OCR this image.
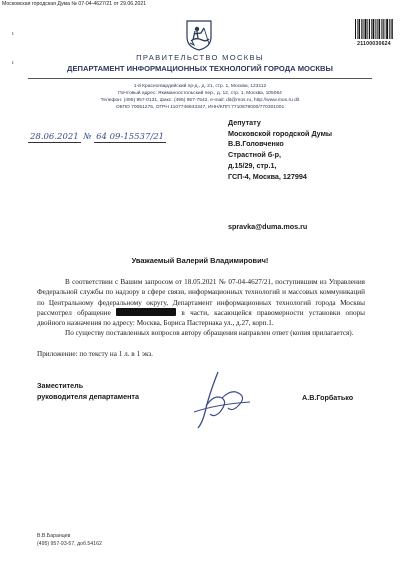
Московская городская Дума № 07-04-4627/21 от 29.06.2021
ı
ı
21100030624
ПРАВИТЕЛЬСТВО МОСКВЫ
ДЕПАРТАМЕНТ ИНФОРМАЦИОННЫХ ТЕХНОЛОГИЙ ГОРОДА МОСКВЫ
1-й Красногвардейский пр-д., д. 21, стр. 1, Москва, 123112
Почтовый адрес: Якиманоостольский пер., д. 12, стр. 1, Москва, 105064
Телефон: (495) 957-0131, факс: (495) 957-7542, e-mail: dit@mos.ru, http://www.mos.ru dit
ОКПО 70051275, ОГРН 1107746943347, ИНН/КПП 7710878000/770301001
28.06.2021 № 64 09-15537/21
Депутату
Московской городской Думы
В.В.Головченко
Страстной б-р,
д.15/29, стр.1,
ГСП-4, Москва, 127994
spravka@duma.mos.ru
Уважаемый Валерий Владимирович!

В соответствии с Вашим запросом от 18.05.2021 № 07-04-4627/21, поступившим из Управления Федеральной службы по надзору в сфере связи, информационных технологий и массовых коммуникаций по Центральному федеральному округу, Департамент информационных технологий города Москвы рассмотрел обращение	в части, касающейся правомерности установки опоры двойного назначения по адресу: Москва, Бориса Пастернака ул., д.27, корп.1.

По существу поставленных вопросов автору обращения направлен ответ (копия прилагается).

Приложение: по тексту на 1 л. в 1 экз.
Заместитель
руководителя департамента	А.В.Горбатько
В.В.Баранцев
(495) 957-93-57, доб.54162
